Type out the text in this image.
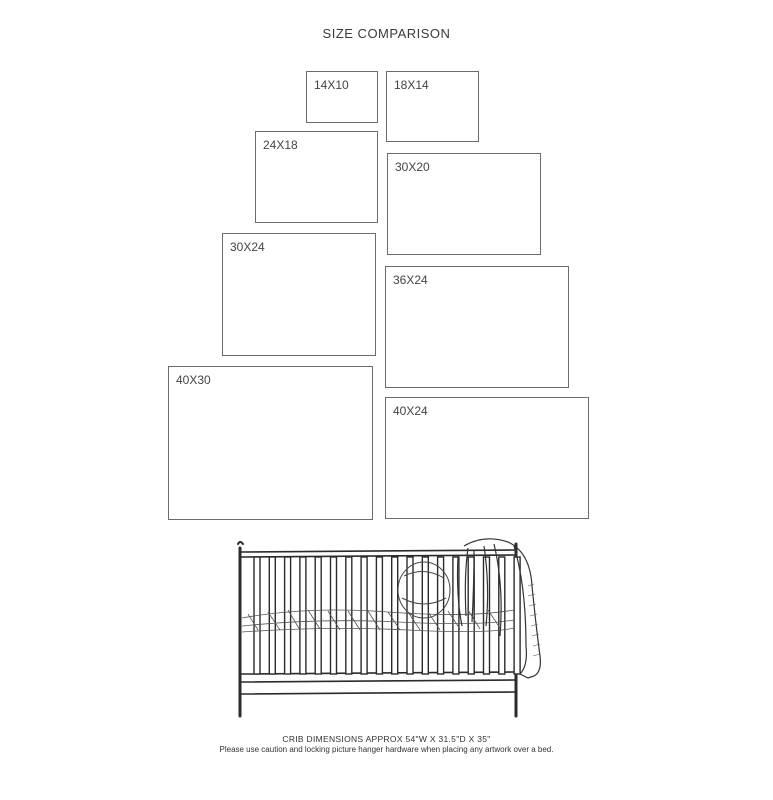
SIZE COMPARISON
14X10	18X14
24X18
30X20
30X24
36X24
40X30
40X24
CRIB DIMENSIONS APPROX 54"W X 31.5"D X 35"
Please use caution and locking picture hanger hardware when placing any artwork over a bed.
